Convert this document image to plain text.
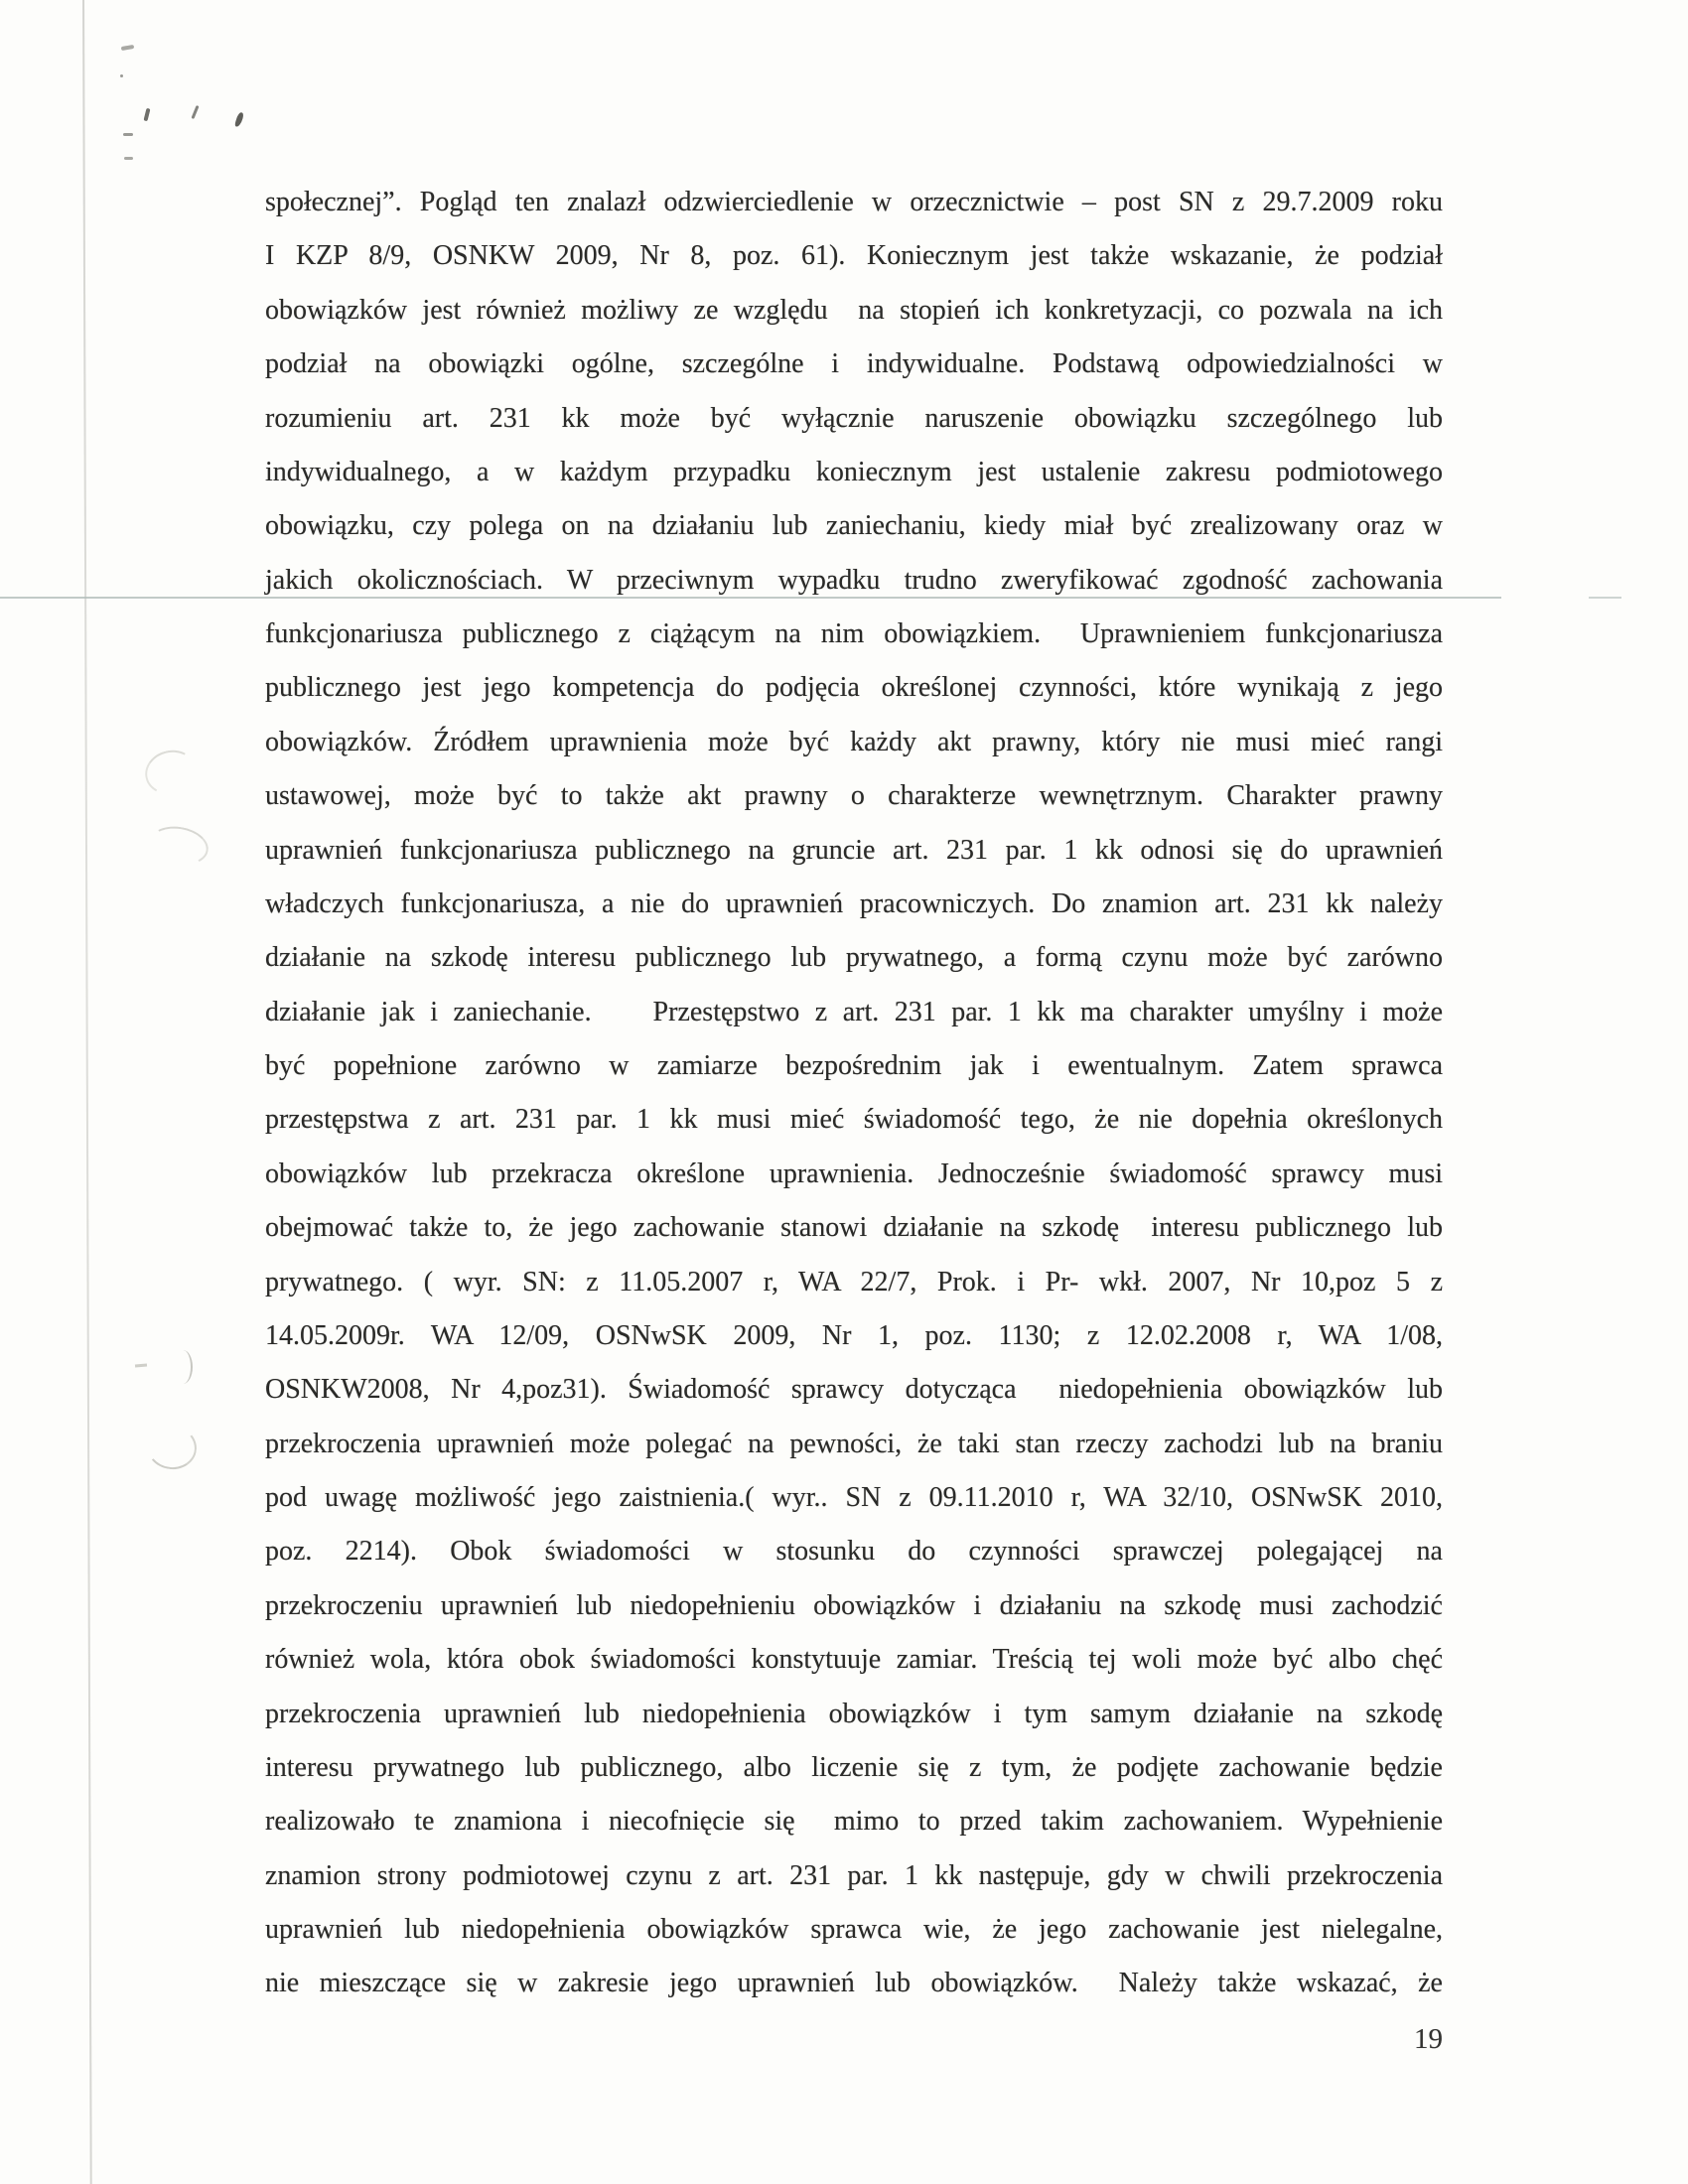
społecznej”. Pogląd ten znalazł odzwierciedlenie w orzecznictwie – post SN z 29.7.2009 roku
I KZP 8/9, OSNKW 2009, Nr 8, poz. 61). Koniecznym jest także wskazanie, że podział
obowiązków jest również możliwy ze względu  na stopień ich konkretyzacji, co pozwala na ich
podział na obowiązki ogólne, szczególne i indywidualne. Podstawą odpowiedzialności w
rozumieniu art. 231 kk może być wyłącznie naruszenie obowiązku szczególnego lub
indywidualnego, a w każdym przypadku koniecznym jest ustalenie zakresu podmiotowego
obowiązku, czy polega on na działaniu lub zaniechaniu, kiedy miał być zrealizowany oraz w
jakich okolicznościach. W przeciwnym wypadku trudno zweryfikować zgodność zachowania
funkcjonariusza publicznego z ciążącym na nim obowiązkiem.  Uprawnieniem funkcjonariusza
publicznego jest jego kompetencja do podjęcia określonej czynności, które wynikają z jego
obowiązków. Źródłem uprawnienia może być każdy akt prawny, który nie musi mieć rangi
ustawowej, może być to także akt prawny o charakterze wewnętrznym. Charakter prawny
uprawnień funkcjonariusza publicznego na gruncie art. 231 par. 1 kk odnosi się do uprawnień
władczych funkcjonariusza, a nie do uprawnień pracowniczych. Do znamion art. 231 kk należy
działanie na szkodę interesu publicznego lub prywatnego, a formą czynu może być zarówno
działanie jak i zaniechanie.    Przestępstwo z art. 231 par. 1 kk ma charakter umyślny i może
być popełnione zarówno w zamiarze bezpośrednim jak i ewentualnym. Zatem sprawca
przestępstwa z art. 231 par. 1 kk musi mieć świadomość tego, że nie dopełnia określonych
obowiązków lub przekracza określone uprawnienia. Jednocześnie świadomość sprawcy musi
obejmować także to, że jego zachowanie stanowi działanie na szkodę  interesu publicznego lub
prywatnego. ( wyr. SN: z 11.05.2007 r, WA 22/7, Prok. i Pr- wkł. 2007, Nr 10,poz 5 z
14.05.2009r. WA 12/09, OSNwSK 2009, Nr 1, poz. 1130; z 12.02.2008 r, WA 1/08,
OSNKW2008, Nr 4,poz31). Świadomość sprawcy dotycząca  niedopełnienia obowiązków lub
przekroczenia uprawnień może polegać na pewności, że taki stan rzeczy zachodzi lub na braniu
pod uwagę możliwość jego zaistnienia.( wyr.. SN z 09.11.2010 r, WA 32/10, OSNwSK 2010,
poz. 2214). Obok świadomości w stosunku do czynności sprawczej polegającej na
przekroczeniu uprawnień lub niedopełnieniu obowiązków i działaniu na szkodę musi zachodzić
również wola, która obok świadomości konstytuuje zamiar. Treścią tej woli może być albo chęć
przekroczenia uprawnień lub niedopełnienia obowiązków i tym samym działanie na szkodę
interesu prywatnego lub publicznego, albo liczenie się z tym, że podjęte zachowanie będzie
realizowało te znamiona i niecofnięcie się  mimo to przed takim zachowaniem. Wypełnienie
znamion strony podmiotowej czynu z art. 231 par. 1 kk następuje, gdy w chwili przekroczenia
uprawnień lub niedopełnienia obowiązków sprawca wie, że jego zachowanie jest nielegalne,
nie mieszczące się w zakresie jego uprawnień lub obowiązków.  Należy także wskazać, że
19
